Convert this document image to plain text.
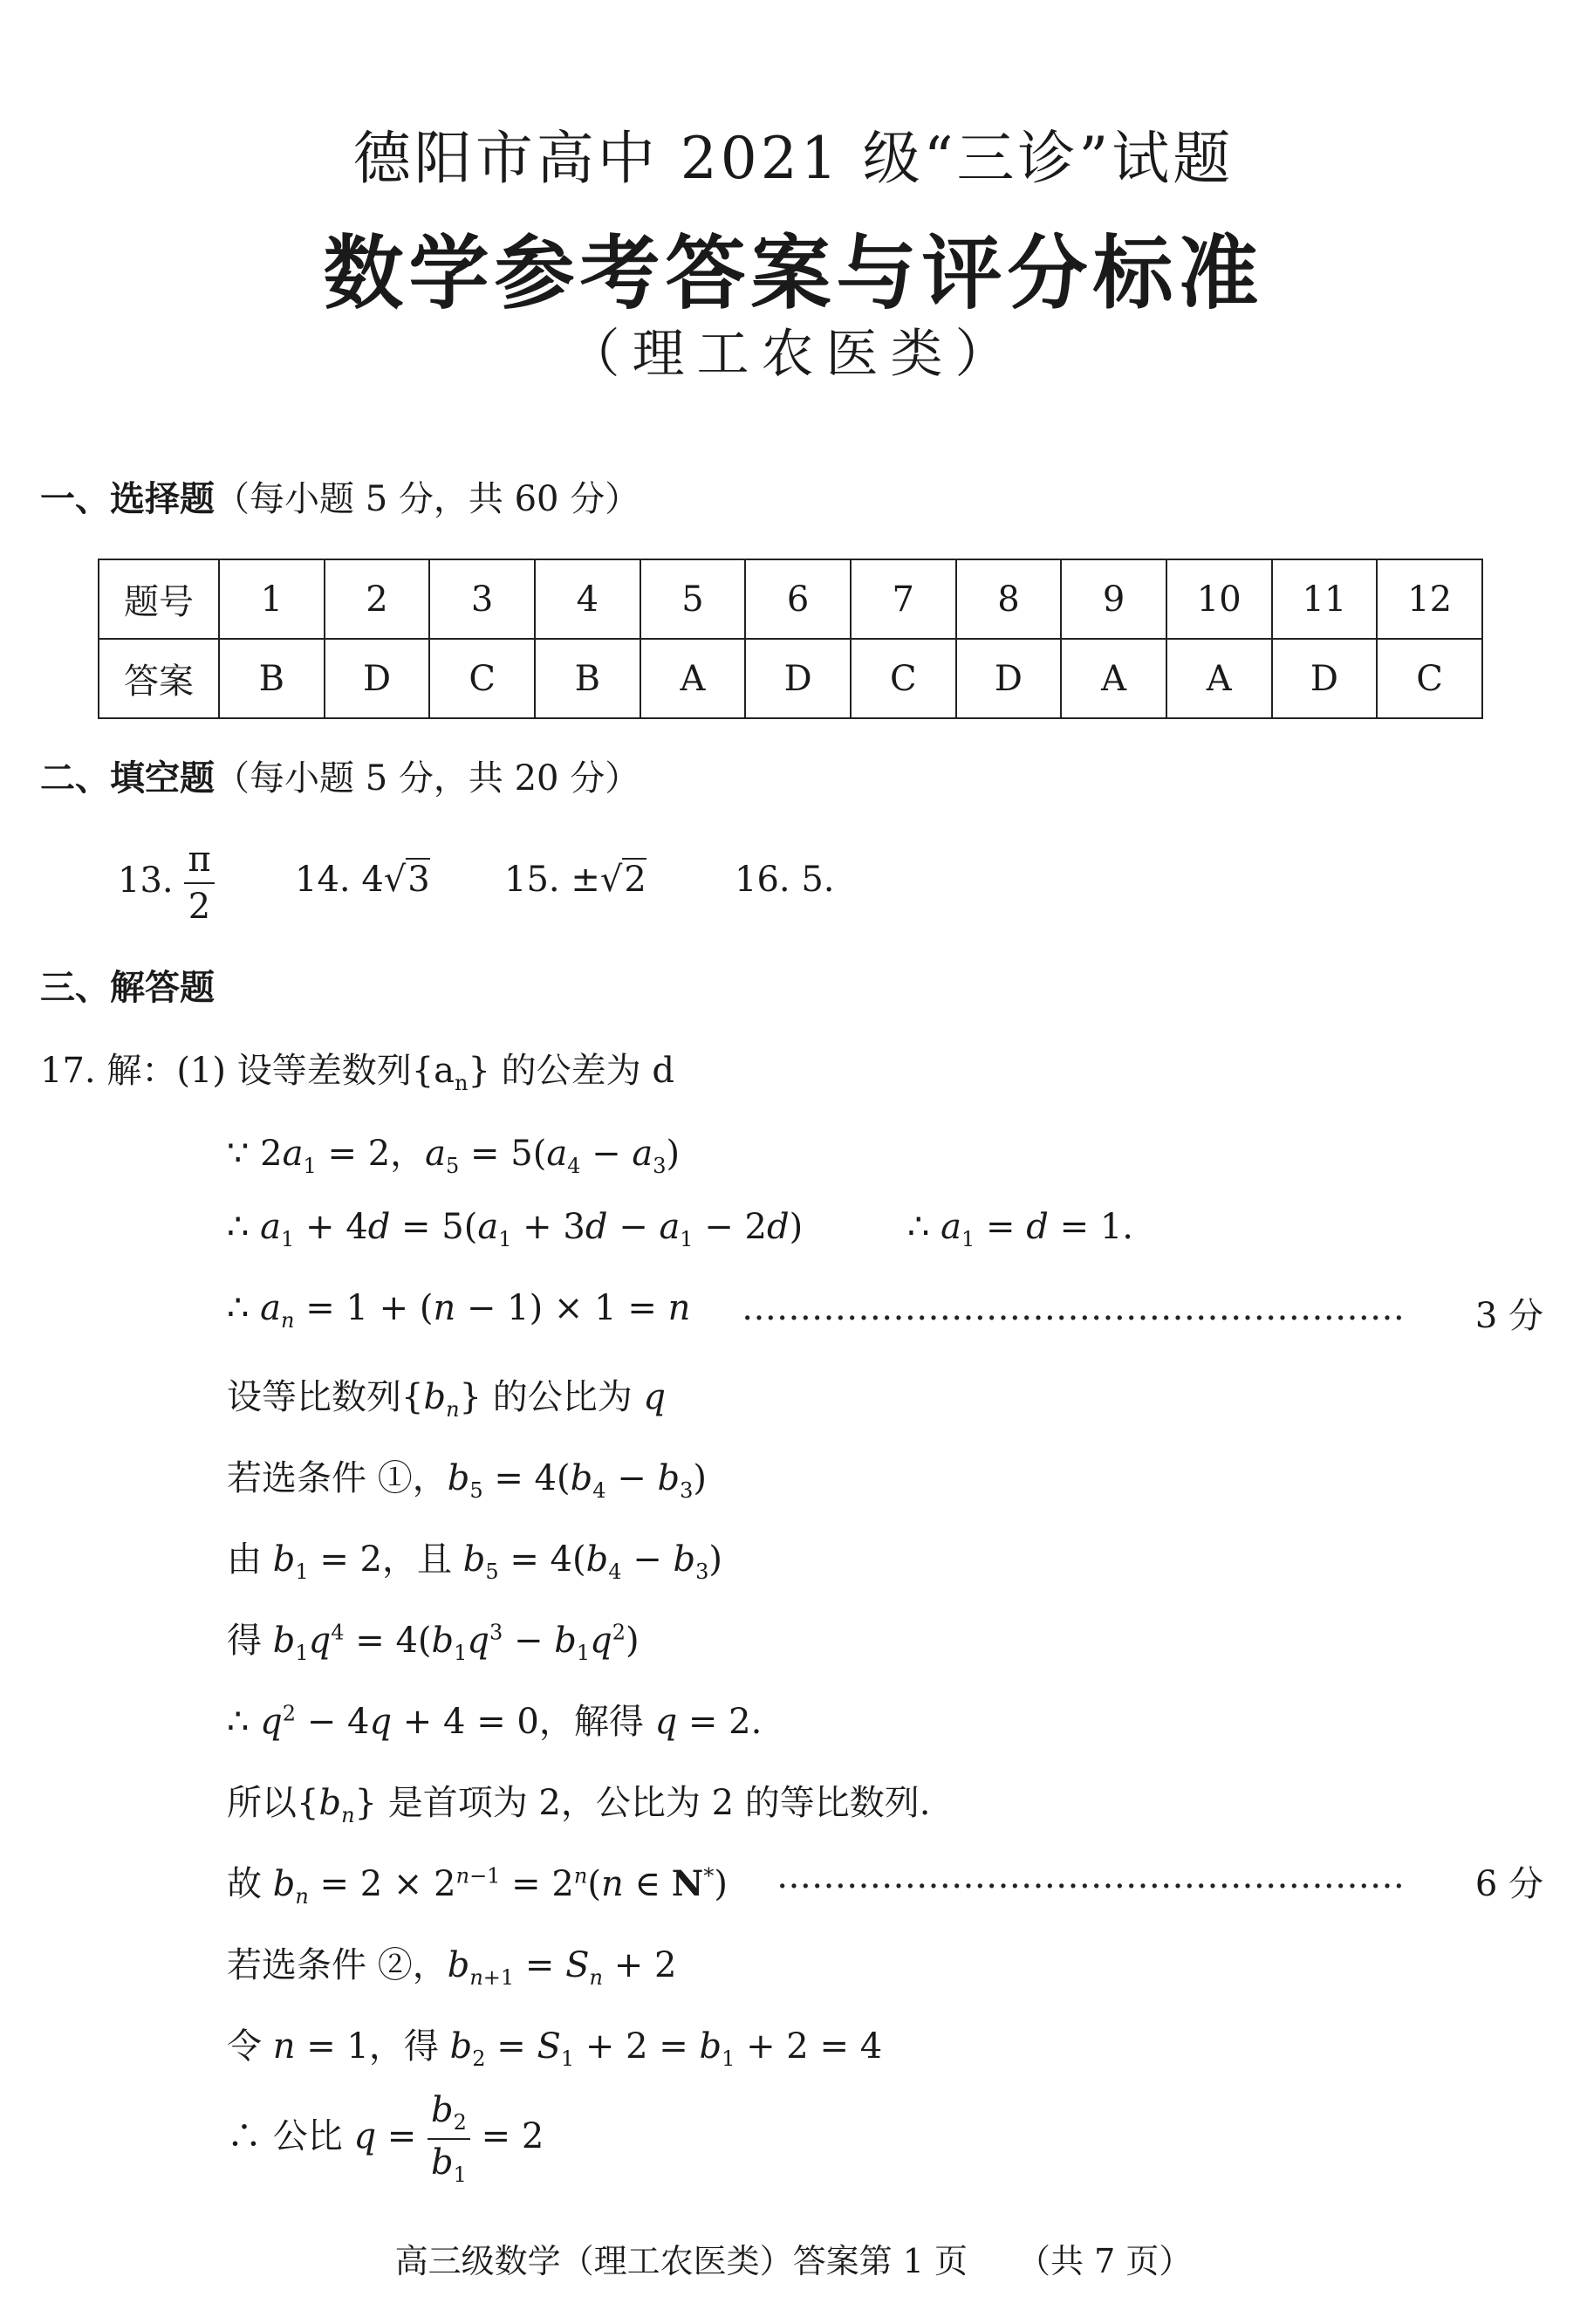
德阳市高中 2021 级“三诊”试题
数学参考答案与评分标准
（理工农医类）
一、选择题（每小题 5 分，共 60 分）
题号	1	2	3	4	5	6	7	8	9	10	11	12
答案	B	D	C	B	A	D	C	D	A	A	D	C
二、填空题（每小题 5 分，共 20 分）
13. $\frac{\pi}{2} 14$. 4√3 15. ±√2	16. 5.
三、解答题
17. 解：(1) 设等差数列$\{a_n\}$ 的公差为 d
∵ $2a_1 = 2$，$a_5 = 5(a_4 - a_3)$
∴ $a_1 + 4d = 5(a_1 + 3d - a_1 - 2d)$	∴ $a_1 = d = 1$.
∴ $a_n = 1 + (n - 1) \times 1 = n$ ………………………………………………… 3 分
设等比数列$\{b_n\}$ 的公比为 q
若选条件 ①，$b_5 = 4(b_4 - b_3)$
由 $b_1 = 2$，且 $b_5 = 4(b_4 - b_3)$
得 $b_1q^4 = 4(b_1q^3 - b_1q^2)$
∴ $q^2 - 4q + 4 = 0$，解得 q = 2.
所以$\{b_n\}$ 是首项为 2，公比为 2 的等比数列.
故 $b_n = 2 \times 2^{n-1} = 2^n(n$ ∈ N*) ……………………………………………… 6 分
若选条件 ②，$b_{n+1} = S_n + 2$
令 n = 1，得 $b_2 = S_1 + 2 = b_1 + 2 = 4$
∴ 公比 $q = \frac{b_2}{b_1} = 2$
高三级数学（理工农医类）答案第 1 页　　（共 7 页）
